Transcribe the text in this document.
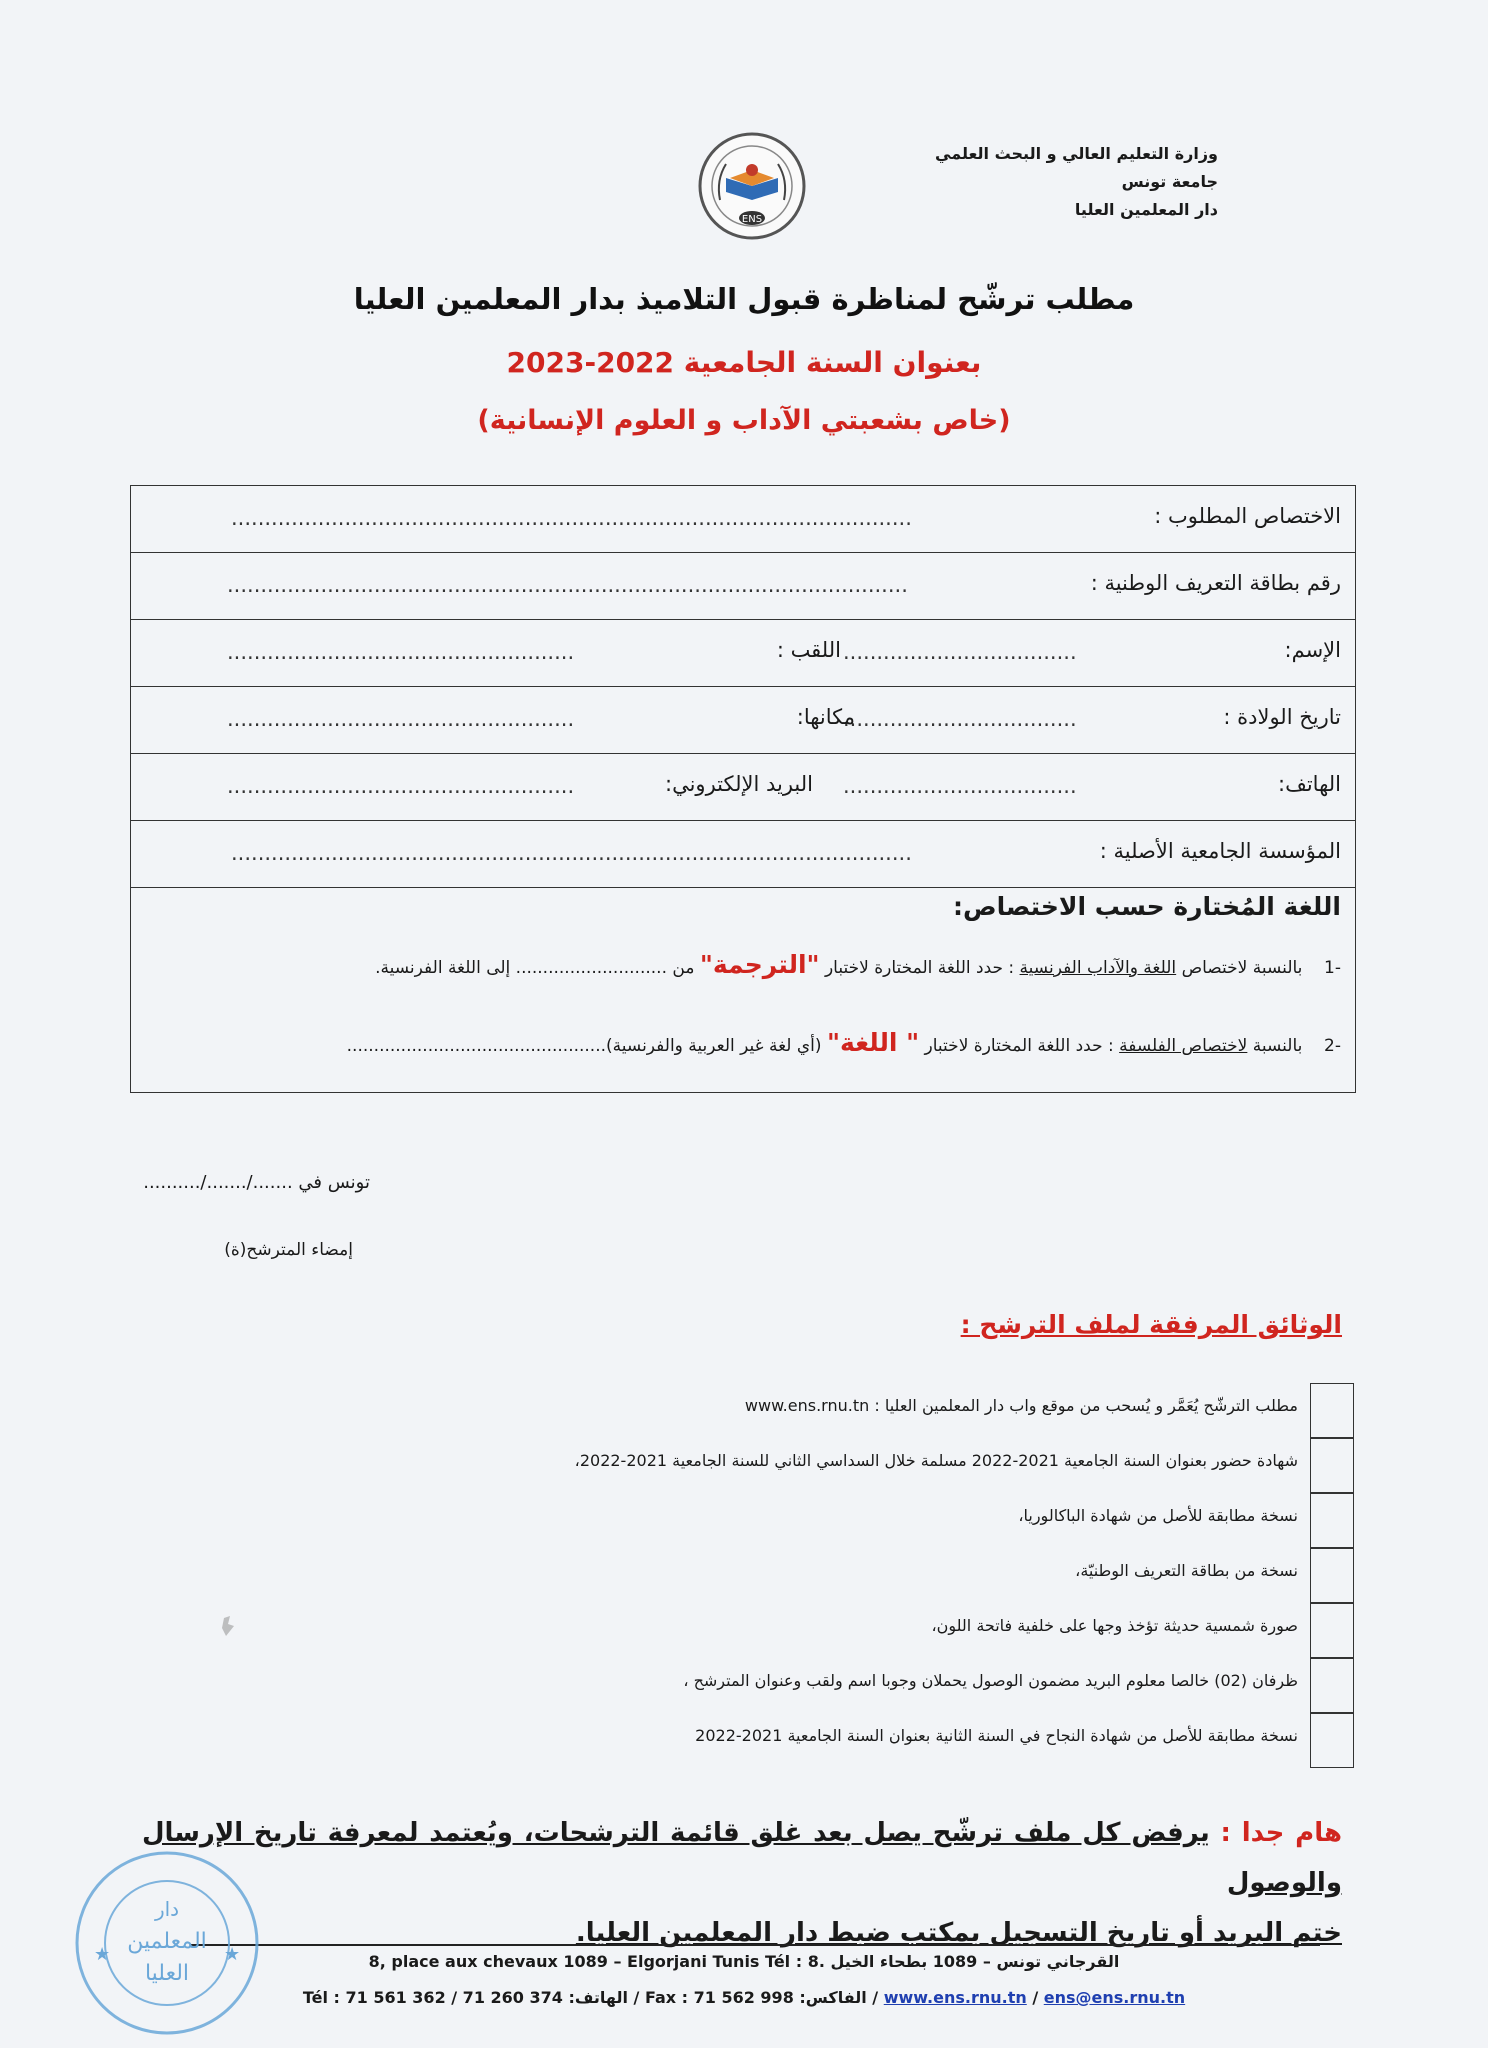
وزارة التعليم العالي و البحث العلمي
جامعة تونس
دار المعلمين العليا
ENS
مطلب ترشّح لمناظرة قبول التلاميذ بدار المعلمين العليا
بعنوان السنة الجامعية 2022-2023
(خاص بشعبتي الآداب و العلوم الإنسانية)
الاختصاص المطلوب :
......................................................................................................
رقم بطاقة التعريف الوطنية :
......................................................................................................
الإسم:
...................................
اللقب :
....................................................
تاريخ الولادة :
...................................
مكانها:
....................................................
الهاتف:
...................................
البريد الإلكتروني:
....................................................
المؤسسة الجامعية الأصلية :
......................................................................................................
اللغة المُختارة حسب الاختصاص:
-1    بالنسبة لاختصاص اللغة والآداب الفرنسية : حدد اللغة المختارة لاختبار "الترجمة" من ............................ إلى اللغة الفرنسية.
-2    بالنسبة لاختصاص الفلسفة : حدد اللغة المختارة لاختبار " اللغة" (أي لغة غير العربية والفرنسية)................................................
تونس في ......./......./..........
إمضاء المترشح(ة)
الوثائق المرفقة لملف الترشح :
مطلب الترشّح يُعَمَّر و يُسحب من موقع واب دار المعلمين العليا : www.ens.rnu.tn
شهادة حضور بعنوان السنة الجامعية 2021-2022 مسلمة خلال السداسي الثاني للسنة الجامعية 2021-2022،
نسخة مطابقة للأصل من شهادة الباكالوريا،
نسخة من بطاقة التعريف الوطنيّة،
صورة شمسية حديثة تؤخذ وجها على خلفية فاتحة اللون،
ظرفان (02) خالصا معلوم البريد مضمون الوصول يحملان وجوبا اسم ولقب وعنوان المترشح ،
نسخة مطابقة للأصل من شهادة النجاح في السنة الثانية بعنوان السنة الجامعية 2021-2022
هام جدا : يرفض كل ملف ترشّح يصل بعد غلق قائمة الترشحات، ويُعتمد لمعرفة تاريخ الإرسال والوصول
ختم البريد أو تاريخ التسجيل بمكتب ضبط دار المعلمين العليا.
8, place aux chevaux 1089 – Elgorjani Tunis Tél : القرجاني تونس – 1089 بطحاء الخيل .8
Tél : 71 561 362 / 71 260 374 :الهاتف / Fax : 71 562 998 :الفاكس / www.ens.rnu.tn / ens@ens.rnu.tn
دار
المعلمين
العليا
★	★
